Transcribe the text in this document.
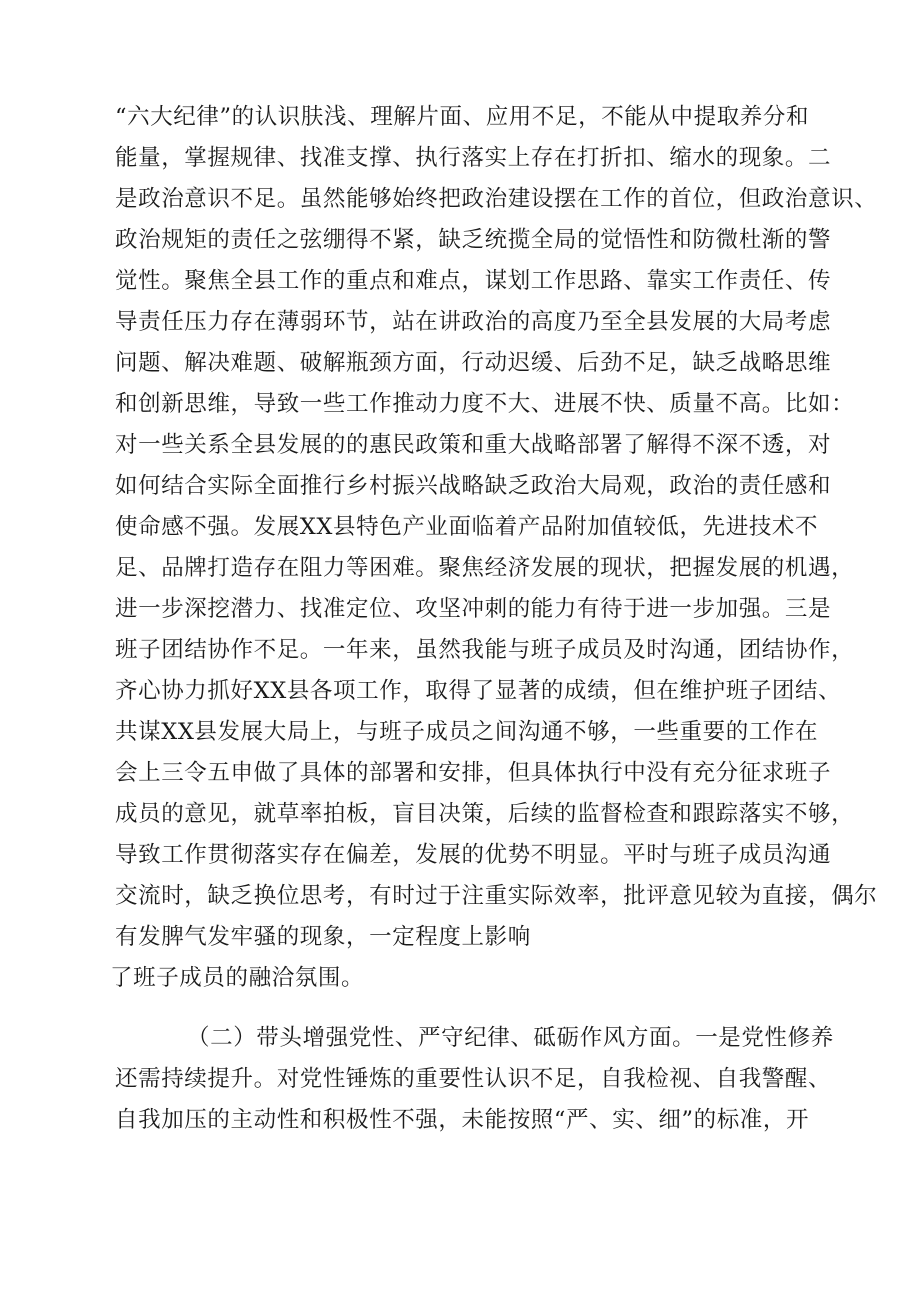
“六大纪律”的认识肤浅、理解片面、应用不足，不能从中提取养分和
能量，掌握规律、找准支撑、执行落实上存在打折扣、缩水的现象。二
是政治意识不足。虽然能够始终把政治建设摆在工作的首位，但政治意识、
政治规矩的责任之弦绷得不紧，缺乏统揽全局的觉悟性和防微杜渐的警
觉性。聚焦全县工作的重点和难点，谋划工作思路、靠实工作责任、传
导责任压力存在薄弱环节，站在讲政治的高度乃至全县发展的大局考虑
问题、解决难题、破解瓶颈方面，行动迟缓、后劲不足，缺乏战略思维
和创新思维，导致一些工作推动力度不大、进展不快、质量不高。比如：
对一些关系全县发展的的惠民政策和重大战略部署了解得不深不透，对
如何结合实际全面推行乡村振兴战略缺乏政治大局观，政治的责任感和
使命感不强。发展XX县特色产业面临着产品附加值较低，先进技术不
足、品牌打造存在阻力等困难。聚焦经济发展的现状，把握发展的机遇，
进一步深挖潜力、找准定位、攻坚冲刺的能力有待于进一步加强。三是
班子团结协作不足。一年来，虽然我能与班子成员及时沟通，团结协作，
齐心协力抓好XX县各项工作，取得了显著的成绩，但在维护班子团结、
共谋XX县发展大局上，与班子成员之间沟通不够，一些重要的工作在
会上三令五申做了具体的部署和安排，但具体执行中没有充分征求班子
成员的意见，就草率拍板，盲目决策，后续的监督检查和跟踪落实不够，
导致工作贯彻落实存在偏差，发展的优势不明显。平时与班子成员沟通
交流时，缺乏换位思考，有时过于注重实际效率，批评意见较为直接，偶尔
有发脾气发牢骚的现象，一定程度上影响
了班子成员的融洽氛围。
（二）带头增强党性、严守纪律、砥砺作风方面。一是党性修养
还需持续提升。对党性锤炼的重要性认识不足，自我检视、自我警醒、
自我加压的主动性和积极性不强，未能按照“严、实、细”的标准，开
